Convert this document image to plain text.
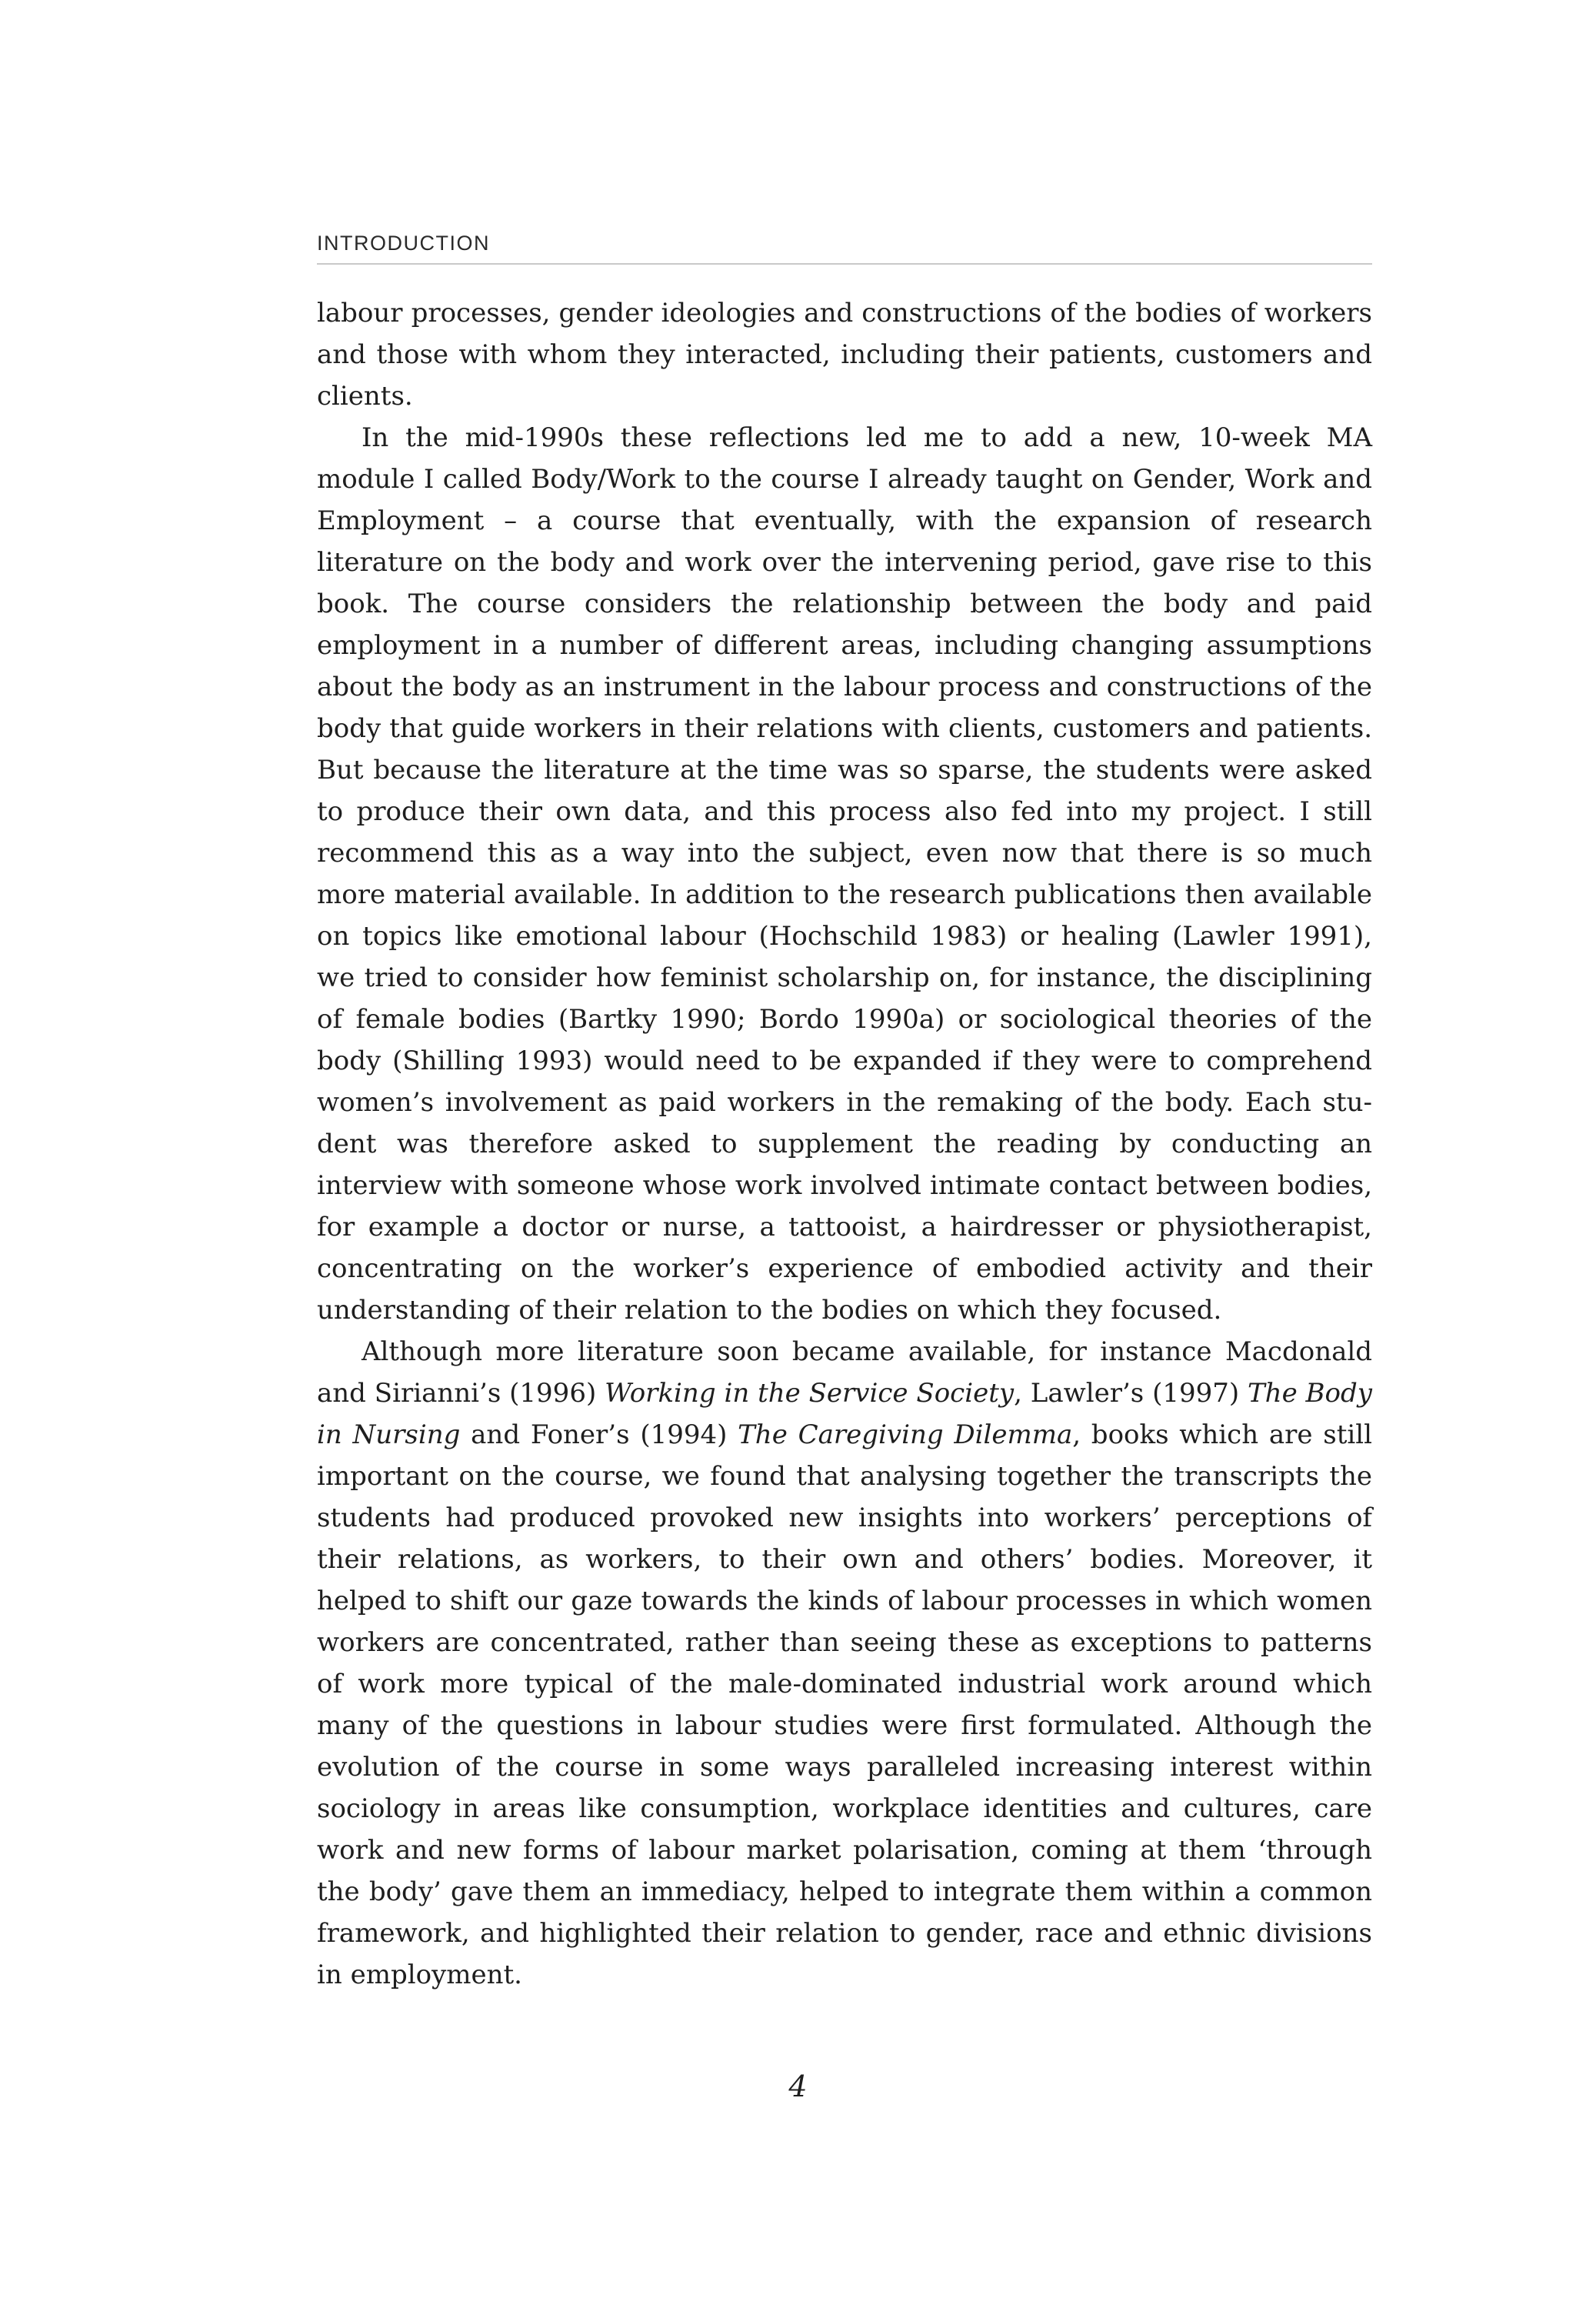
INTRODUCTION

labour processes, gender ideologies and constructions of the bodies of workers and those with whom they interacted, including their patients, customers and clients.

In the mid-1990s these reflections led me to add a new, 10-week MA module I called Body/Work to the course I already taught on Gender, Work and Employment – a course that eventually, with the expansion of research literature on the body and work over the intervening period, gave rise to this book. The course considers the relationship between the body and paid employment in a number of different areas, including changing assumptions about the body as an instrument in the labour process and constructions of the body that guide workers in their relations with clients, customers and patients. But because the literature at the time was so sparse, the students were asked to produce their own data, and this process also fed into my project. I still recommend this as a way into the subject, even now that there is so much more material available. In addition to the research publications then available on topics like emotional labour (Hochschild 1983) or healing (Lawler 1991), we tried to consider how feminist scholarship on, for instance, the disciplining of female bodies (Bartky 1990; Bordo 1990a) or sociological theories of the body (Shilling 1993) would need to be expanded if they were to comprehend women’s involvement as paid workers in the remaking of the body. Each student was therefore asked to supplement the reading by conducting an interview with someone whose work involved intimate contact between bodies, for example a doctor or nurse, a tattooist, a hairdresser or physiotherapist, concentrating on the worker’s experience of embodied activity and their understanding of their relation to the bodies on which they focused.

Although more literature soon became available, for instance Macdonald and Sirianni’s (1996) Working in the Service Society, Lawler’s (1997) The Body in Nursing and Foner’s (1994) The Caregiving Dilemma, books which are still important on the course, we found that analysing together the transcripts the students had produced provoked new insights into workers’ perceptions of their relations, as workers, to their own and others’ bodies. Moreover, it helped to shift our gaze towards the kinds of labour processes in which women workers are concentrated, rather than seeing these as exceptions to patterns of work more typical of the male-dominated industrial work around which many of the questions in labour studies were first formulated. Although the evolution of the course in some ways paralleled increasing interest within sociology in areas like consumption, workplace identities and cultures, care work and new forms of labour market polarisation, coming at them ‘through the body’ gave them an immediacy, helped to integrate them within a common framework, and highlighted their relation to gender, race and ethnic divisions in employment.

4
